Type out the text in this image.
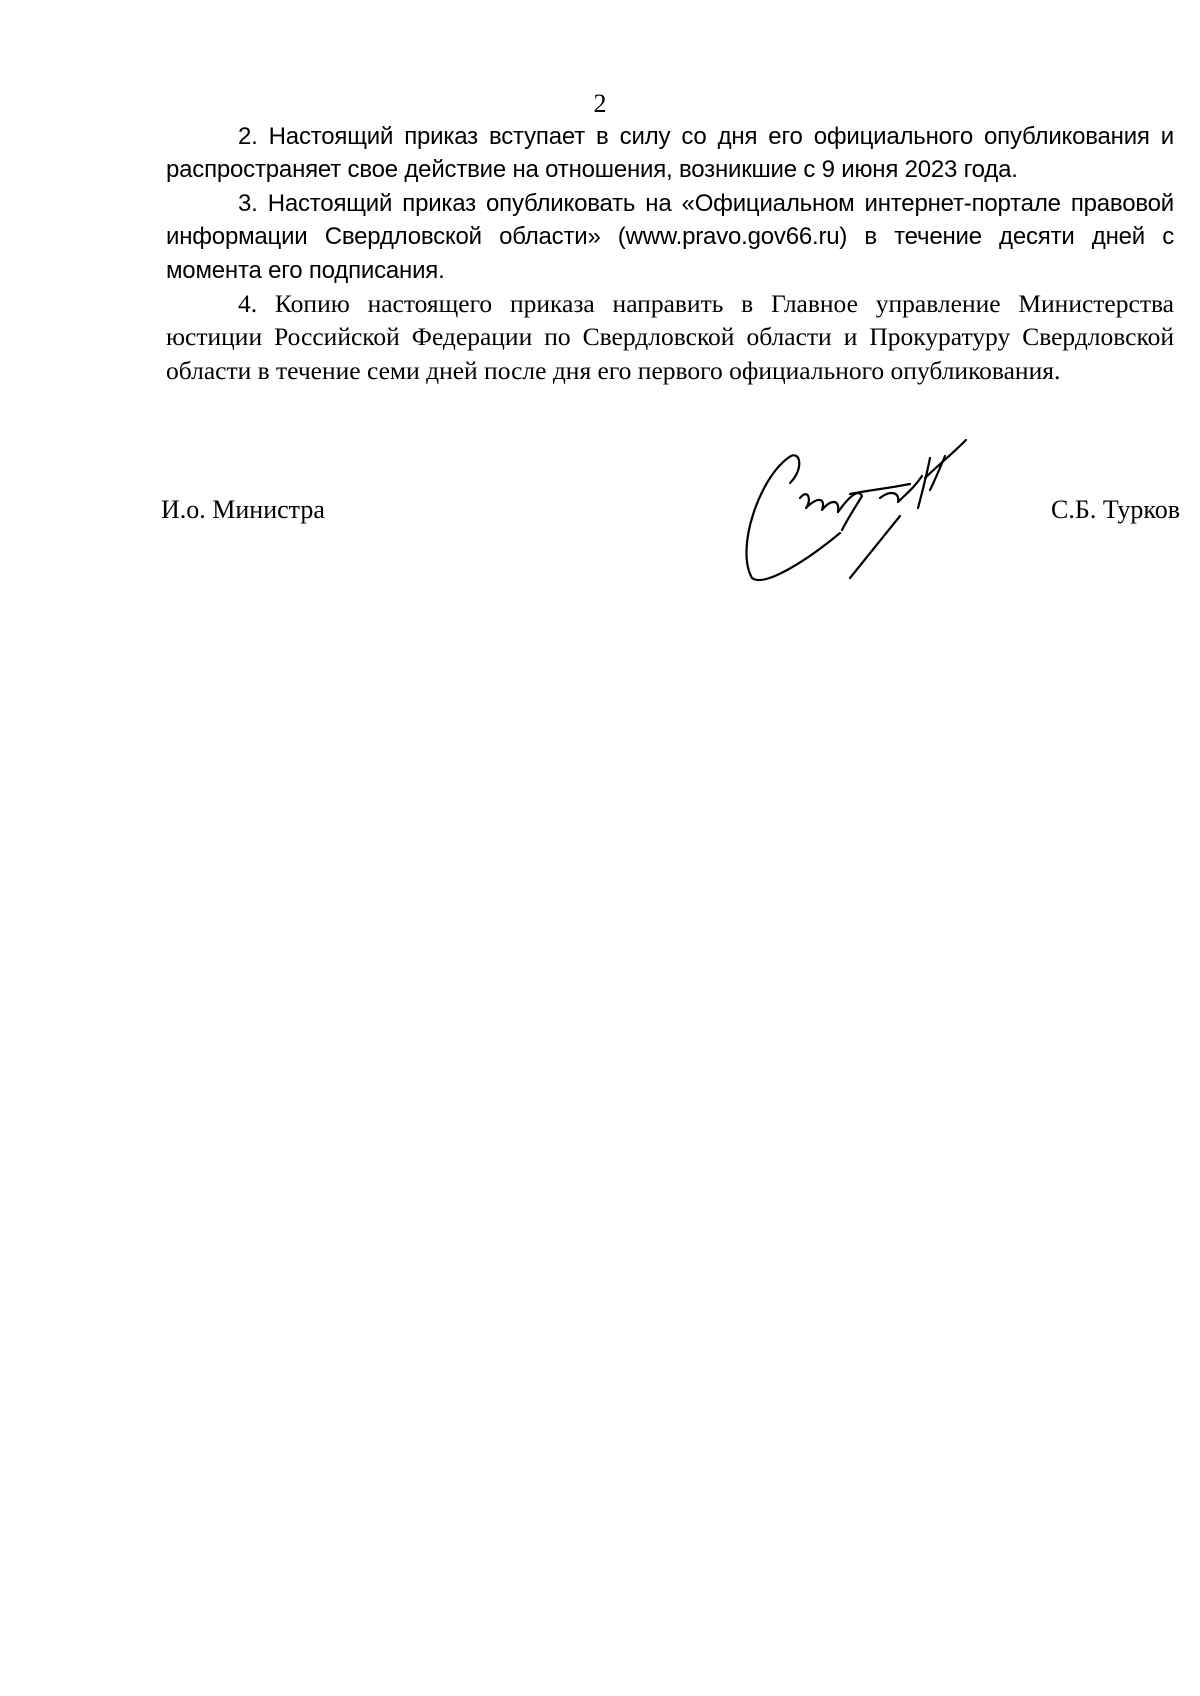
2

2. Настоящий приказ вступает в силу со дня его официального опубликования и распространяет свое действие на отношения, возникшие с 9 июня 2023 года.

3. Настоящий приказ опубликовать на «Официальном интернет-портале правовой информации Свердловской области» (www.pravo.gov66.ru) в течение десяти дней с момента его подписания.

4. Копию настоящего приказа направить в Главное управление Министерства юстиции Российской Федерации по Свердловской области и Прокуратуру Свердловской области в течение семи дней после дня его первого официального опубликования.

И.о. Министра	С.Б. Турков
